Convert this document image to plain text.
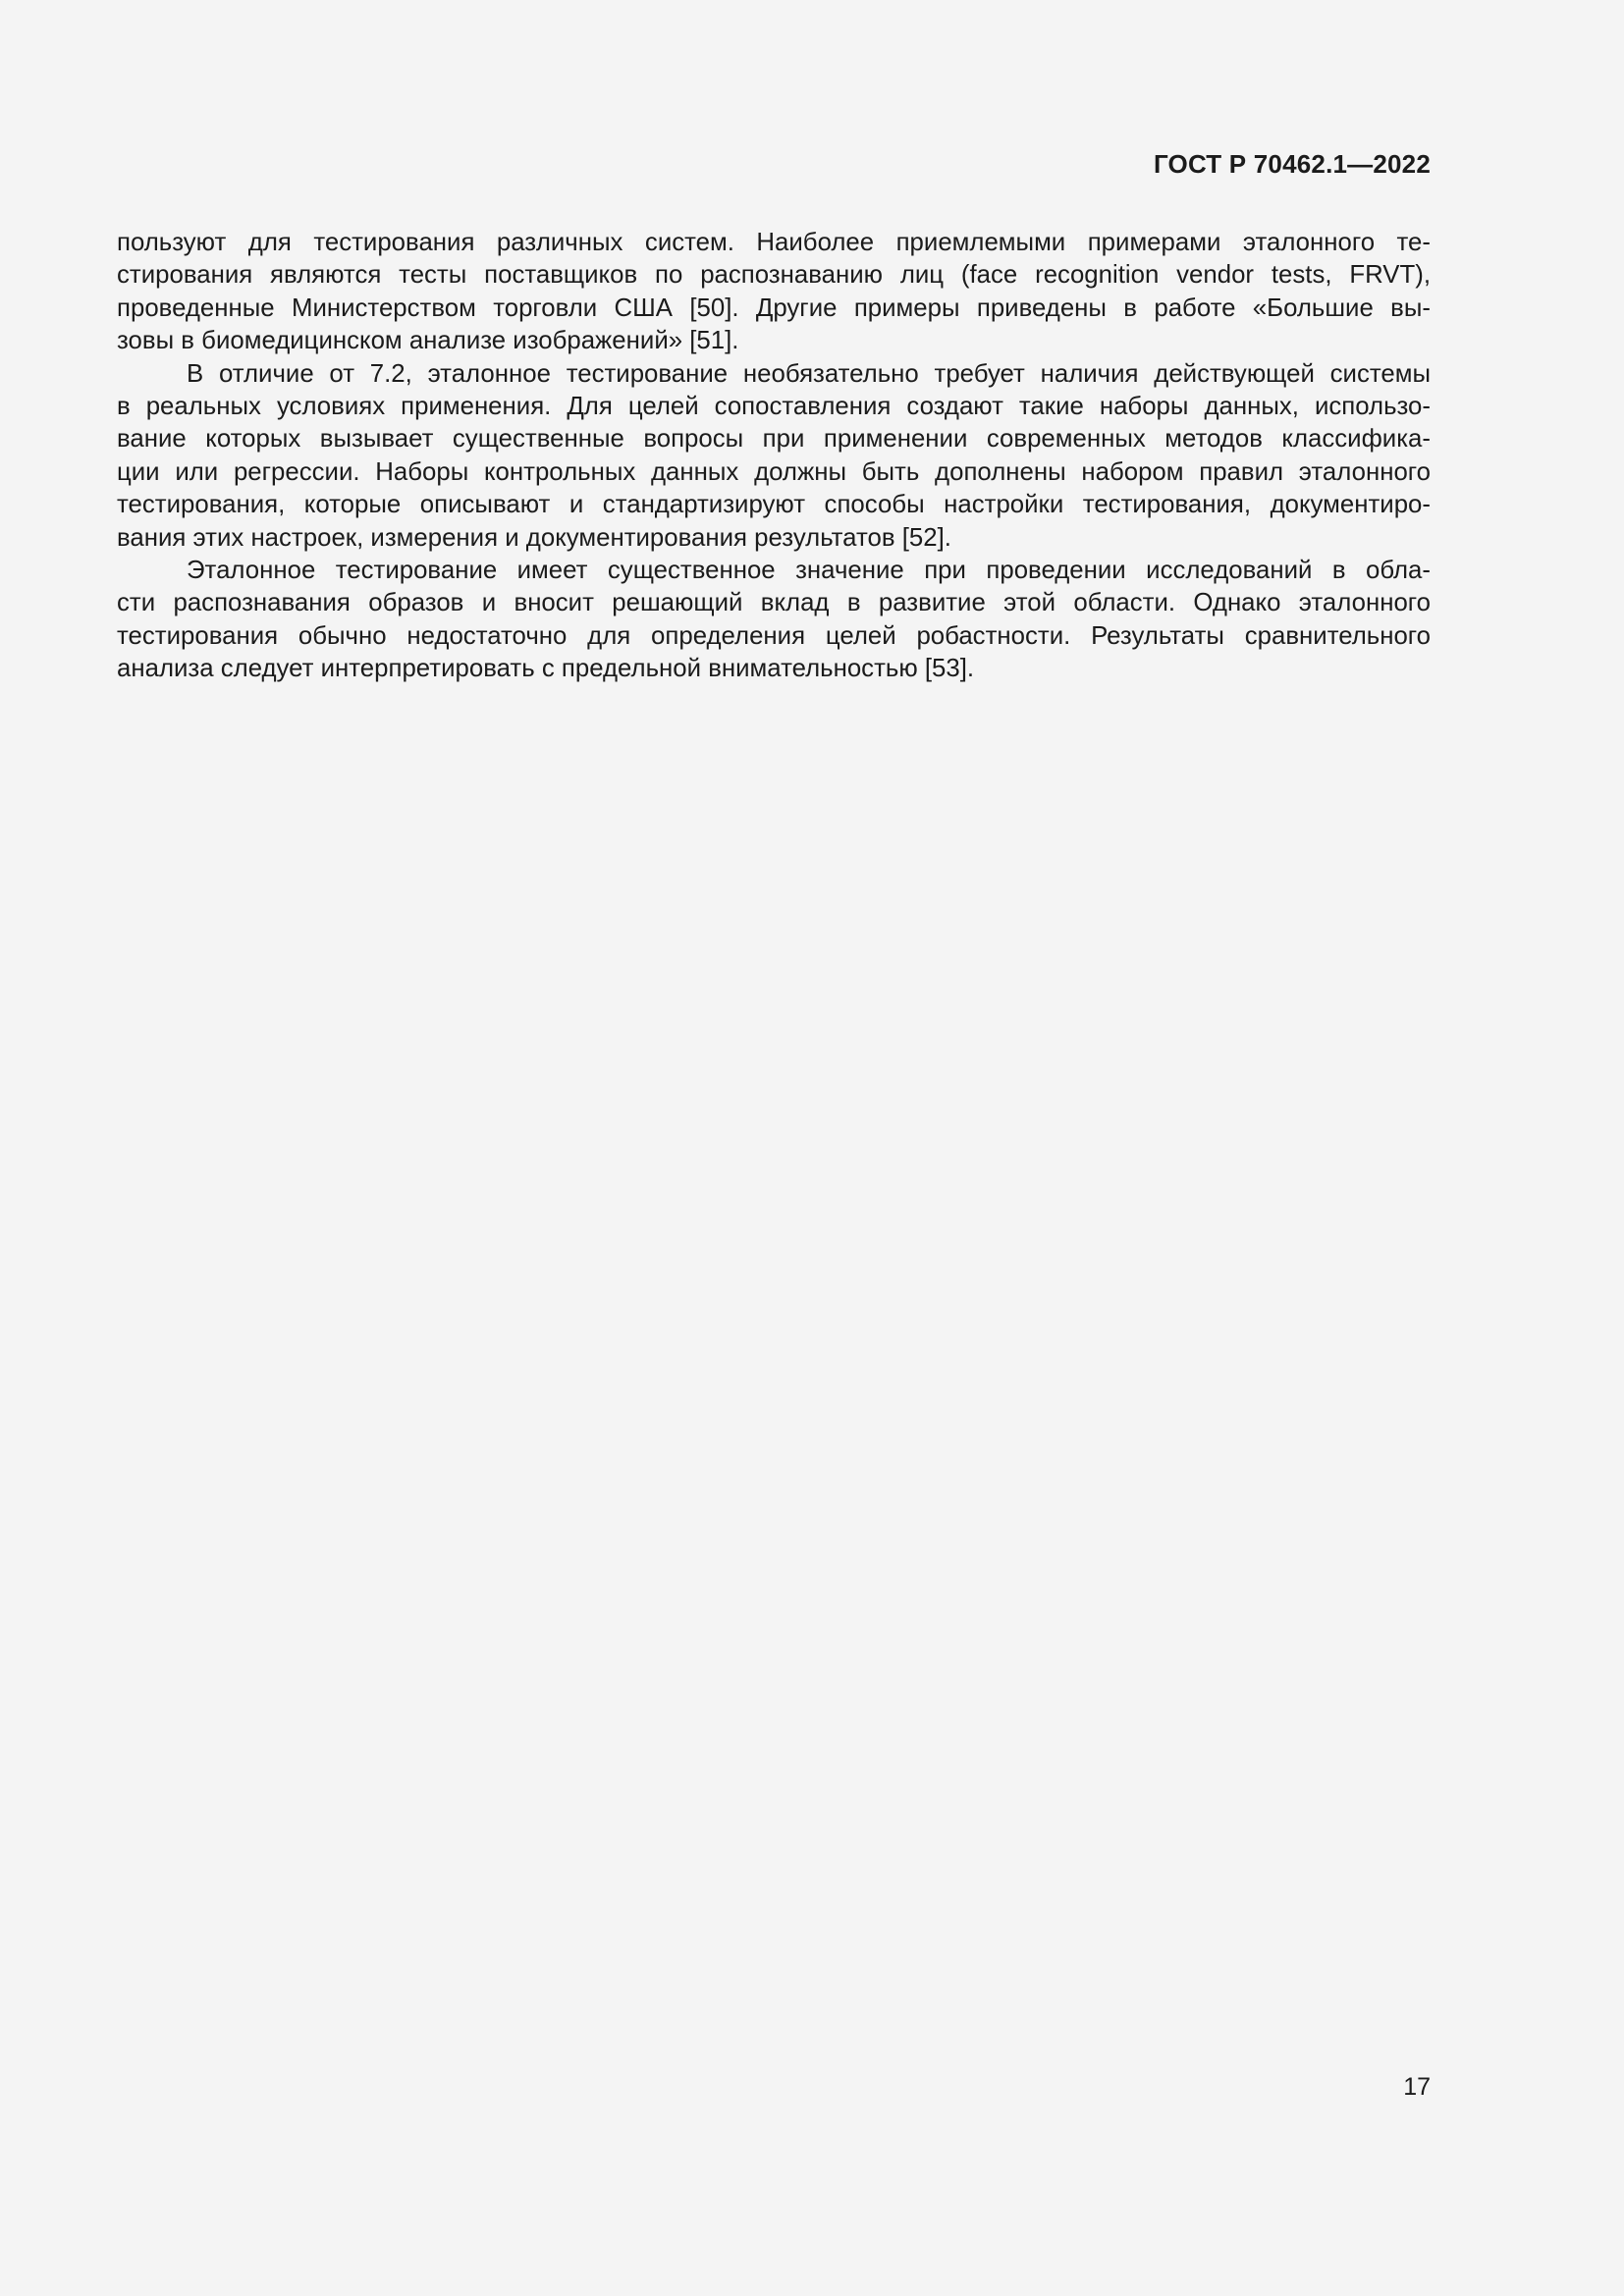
ГОСТ Р 70462.1—2022
пользуют для тестирования различных систем. Наиболее приемлемыми примерами эталонного те-
стирования являются тесты поставщиков по распознаванию лиц (face recognition vendor tests, FRVT),
проведенные Министерством торговли США [50]. Другие примеры приведены в работе «Большие вы-
зовы в биомедицинском анализе изображений» [51].
В отличие от 7.2, эталонное тестирование необязательно требует наличия действующей системы
в реальных условиях применения. Для целей сопоставления создают такие наборы данных, использо-
вание которых вызывает существенные вопросы при применении современных методов классифика-
ции или регрессии. Наборы контрольных данных должны быть дополнены набором правил эталонного
тестирования, которые описывают и стандартизируют способы настройки тестирования, документиро-
вания этих настроек, измерения и документирования результатов [52].
Эталонное тестирование имеет существенное значение при проведении исследований в обла-
сти распознавания образов и вносит решающий вклад в развитие этой области. Однако эталонного
тестирования обычно недостаточно для определения целей робастности. Результаты сравнительного
анализа следует интерпретировать с предельной внимательностью [53].
17
